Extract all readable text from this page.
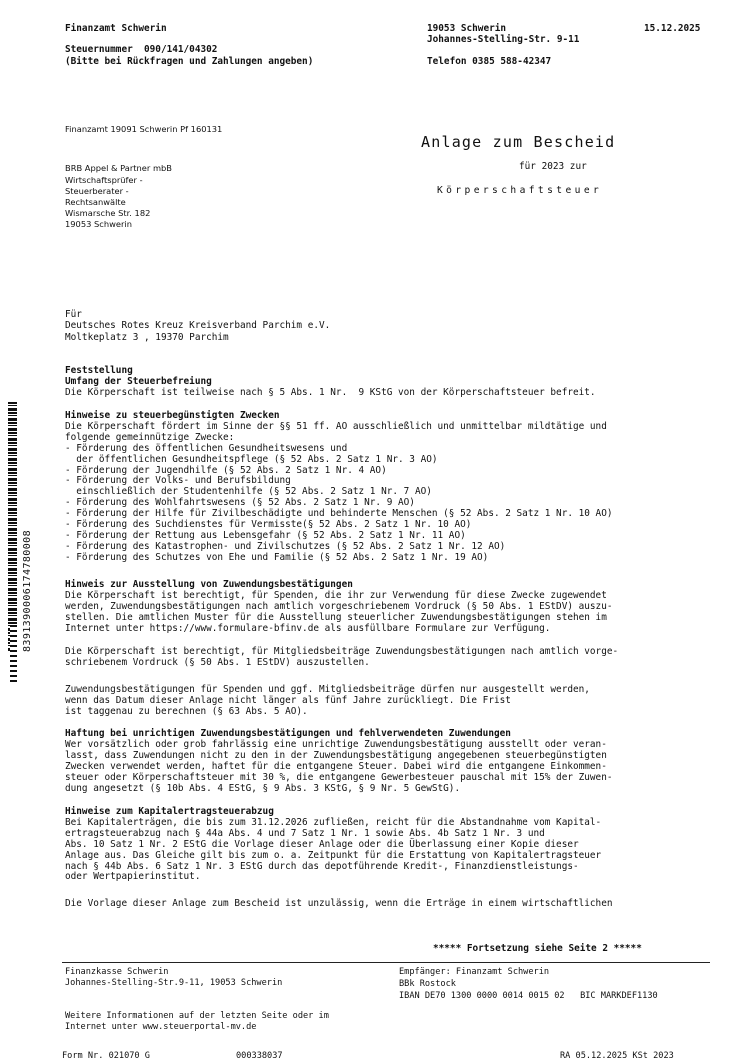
Finanzamt Schwerin
Steuernummer  090/141/04302
(Bitte bei Rückfragen und Zahlungen angeben)
19053 Schwerin	15.12.2025
Johannes-Stelling-Str. 9-11
Telefon 0385 588-42347
Finanzamt 19091 Schwerin Pf 160131
Anlage zum Bescheid
für 2023 zur
Körperschaftsteuer
BRB Appel & Partner mbB
Wirtschaftsprüfer -
Steuerberater -
Rechtsanwälte
Wismarsche Str. 182
19053 Schwerin
Für
Deutsches Rotes Kreuz Kreisverband Parchim e.V.
Moltkeplatz 3 , 19370 Parchim
Feststellung
Umfang der Steuerbefreiung
Die Körperschaft ist teilweise nach § 5 Abs. 1 Nr.  9 KStG von der Körperschaftsteuer befreit.
Hinweise zu steuerbegünstigten Zwecken
Die Körperschaft fördert im Sinne der §§ 51 ff. AO ausschließlich und unmittelbar mildtätige und
folgende gemeinnützige Zwecke:
- Förderung des öffentlichen Gesundheitswesens und
der öffentlichen Gesundheitspflege (§ 52 Abs. 2 Satz 1 Nr. 3 AO)
- Förderung der Jugendhilfe (§ 52 Abs. 2 Satz 1 Nr. 4 AO)
- Förderung der Volks- und Berufsbildung
einschließlich der Studentenhilfe (§ 52 Abs. 2 Satz 1 Nr. 7 AO)
- Förderung des Wohlfahrtswesens (§ 52 Abs. 2 Satz 1 Nr. 9 AO)
- Förderung der Hilfe für Zivilbeschädigte und behinderte Menschen (§ 52 Abs. 2 Satz 1 Nr. 10 AO)
- Förderung des Suchdienstes für Vermisste(§ 52 Abs. 2 Satz 1 Nr. 10 AO)
- Förderung der Rettung aus Lebensgefahr (§ 52 Abs. 2 Satz 1 Nr. 11 AO)
- Förderung des Katastrophen- und Zivilschutzes (§ 52 Abs. 2 Satz 1 Nr. 12 AO)
- Förderung des Schutzes von Ehe und Familie (§ 52 Abs. 2 Satz 1 Nr. 19 AO)
Hinweis zur Ausstellung von Zuwendungsbestätigungen
Die Körperschaft ist berechtigt, für Spenden, die ihr zur Verwendung für diese Zwecke zugewendet
werden, Zuwendungsbestätigungen nach amtlich vorgeschriebenem Vordruck (§ 50 Abs. 1 EStDV) auszu-
stellen. Die amtlichen Muster für die Ausstellung steuerlicher Zuwendungsbestätigungen stehen im
Internet unter https://www.formulare-bfinv.de als ausfüllbare Formulare zur Verfügung.
Die Körperschaft ist berechtigt, für Mitgliedsbeiträge Zuwendungsbestätigungen nach amtlich vorge-
schriebenem Vordruck (§ 50 Abs. 1 EStDV) auszustellen.
Zuwendungsbestätigungen für Spenden und ggf. Mitgliedsbeiträge dürfen nur ausgestellt werden,
wenn das Datum dieser Anlage nicht länger als fünf Jahre zurückliegt. Die Frist
ist taggenau zu berechnen (§ 63 Abs. 5 AO).
Haftung bei unrichtigen Zuwendungsbestätigungen und fehlverwendeten Zuwendungen
Wer vorsätzlich oder grob fahrlässig eine unrichtige Zuwendungsbestätigung ausstellt oder veran-
lasst, dass Zuwendungen nicht zu den in der Zuwendungsbestätigung angegebenen steuerbegünstigten
Zwecken verwendet werden, haftet für die entgangene Steuer. Dabei wird die entgangene Einkommen-
steuer oder Körperschaftsteuer mit 30 %, die entgangene Gewerbesteuer pauschal mit 15% der Zuwen-
dung angesetzt (§ 10b Abs. 4 EStG, § 9 Abs. 3 KStG, § 9 Nr. 5 GewStG).
Hinweise zum Kapitalertragsteuerabzug
Bei Kapitalerträgen, die bis zum 31.12.2026 zufließen, reicht für die Abstandnahme vom Kapital-
ertragsteuerabzug nach § 44a Abs. 4 und 7 Satz 1 Nr. 1 sowie Abs. 4b Satz 1 Nr. 3 und
Abs. 10 Satz 1 Nr. 2 EStG die Vorlage dieser Anlage oder die Überlassung einer Kopie dieser
Anlage aus. Das Gleiche gilt bis zum o. a. Zeitpunkt für die Erstattung von Kapitalertragsteuer
nach § 44b Abs. 6 Satz 1 Nr. 3 EStG durch das depotführende Kredit-, Finanzdienstleistungs-
oder Wertpapierinstitut.
Die Vorlage dieser Anlage zum Bescheid ist unzulässig, wenn die Erträge in einem wirtschaftlichen
***** Fortsetzung siehe Seite 2 *****
Finanzkasse Schwerin
Johannes-Stelling-Str.9-11, 19053 Schwerin
Empfänger: Finanzamt Schwerin
BBk Rostock
IBAN DE70 1300 0000 0014 0015 02   BIC MARKDEF1130
Weitere Informationen auf der letzten Seite oder im
Internet unter www.steuerportal-mv.de
Form Nr. 021070 G	000338037	RA 05.12.2025 KSt 2023
8391390006174780008
